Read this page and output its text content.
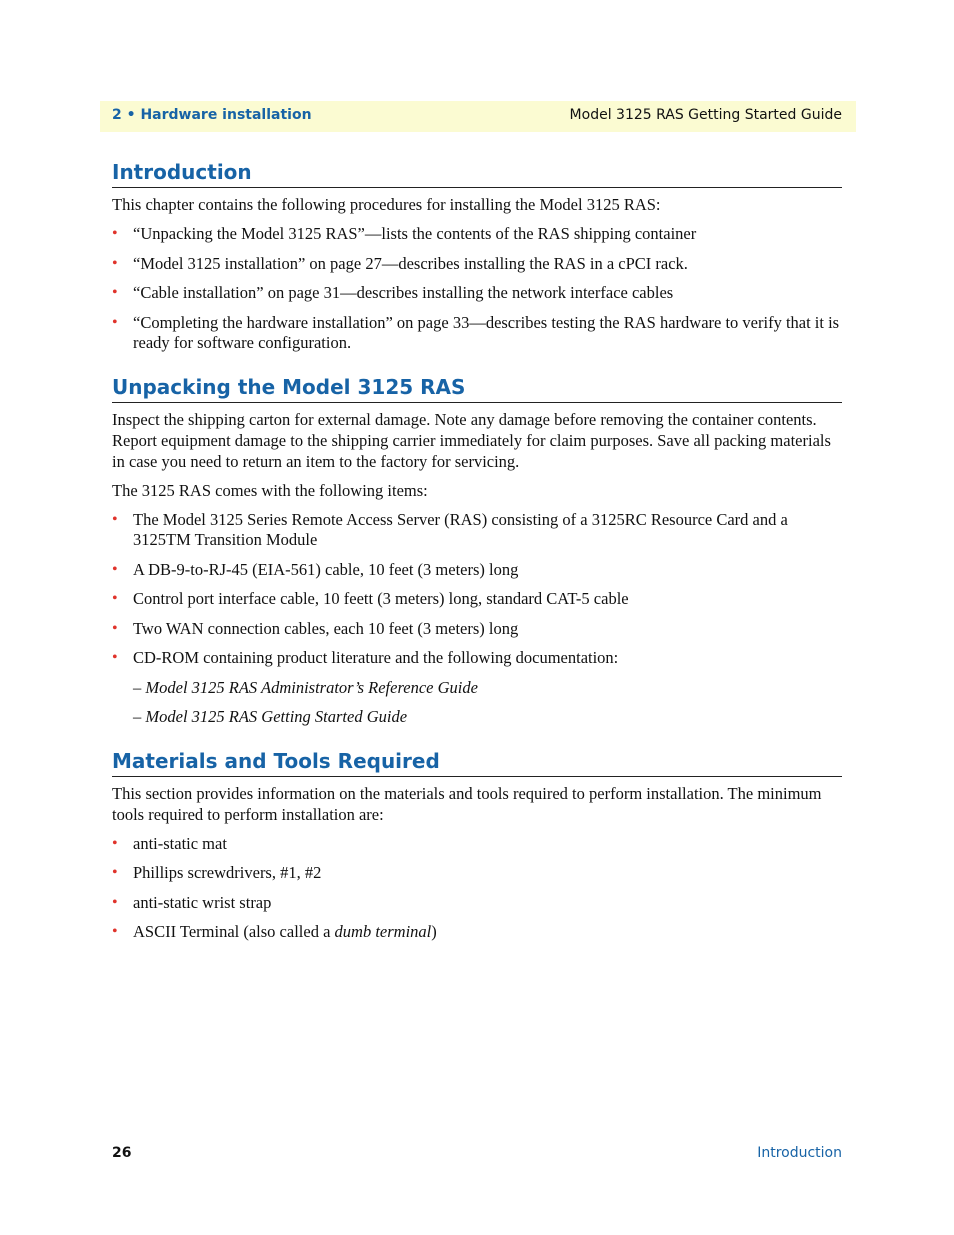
2 • Hardware installation	Model 3125 RAS Getting Started Guide
Introduction

This chapter contains the following procedures for installing the Model 3125 RAS:

• “Unpacking the Model 3125 RAS”—lists the contents of the RAS shipping container
• “Model 3125 installation” on page 27—describes installing the RAS in a cPCI rack.
• “Cable installation” on page 31—describes installing the network interface cables
• “Completing the hardware installation” on page 33—describes testing the RAS hardware to verify that it is ready for software configuration.
Unpacking the Model 3125 RAS

Inspect the shipping carton for external damage. Note any damage before removing the container contents. Report equipment damage to the shipping carrier immediately for claim purposes. Save all packing materials in case you need to return an item to the factory for servicing.

The 3125 RAS comes with the following items:

• The Model 3125 Series Remote Access Server (RAS) consisting of a 3125RC Resource Card and a 3125TM Transition Module
• A DB-9-to-RJ-45 (EIA-561) cable, 10 feet (3 meters) long
• Control port interface cable, 10 feett (3 meters) long, standard CAT-5 cable
• Two WAN connection cables, each 10 feet (3 meters) long
• CD-ROM containing product literature and the following documentation:
– Model 3125 RAS Administrator’s Reference Guide
– Model 3125 RAS Getting Started Guide
Materials and Tools Required

This section provides information on the materials and tools required to perform installation. The minimum tools required to perform installation are:

• anti-static mat
• Phillips screwdrivers, #1, #2
• anti-static wrist strap
• ASCII Terminal (also called a dumb terminal)
26	Introduction
